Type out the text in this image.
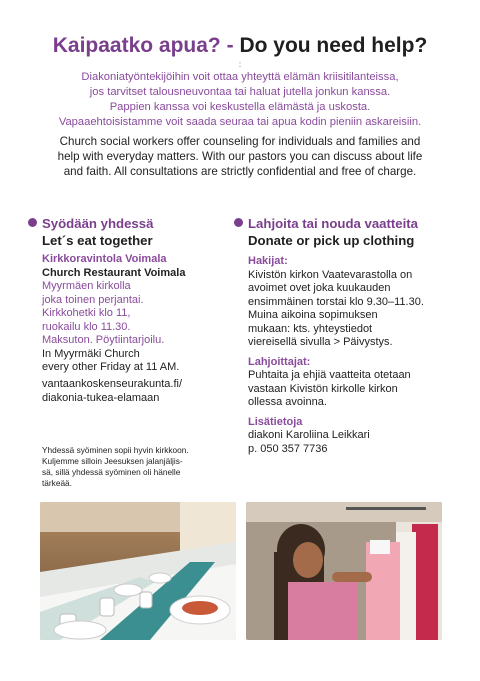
Kaipaatko apua? - Do you need help?
:
Diakoniatyöntekijöihin voit ottaa yhteyttä elämän kriisitilanteissa,
jos tarvitset talousneuvontaa tai haluat jutella jonkun kanssa.
Pappien kanssa voi keskustella elämästä ja uskosta.
Vapaaehtoisistamme voit saada seuraa tai apua kodin pieniin askareisiin.
Church social workers offer counseling for individuals and families and
help with everyday matters. With our pastors you can discuss about life
and faith. All consultations are strictly confidential and free of charge.
Syödään yhdessä
Let´s eat together
Kirkkoravintola Voimala
Church Restaurant Voimala
Myyrmäen kirkolla
joka toinen perjantai.
Kirkkohetki klo 11,
ruokailu klo 11.30.
Maksuton. Pöytiintarjoilu.
In Myyrmäki Church
every other Friday at 11 AM.
vantaankoskenseurakunta.fi/
diakonia-tukea-elamaan
Yhdessä syöminen sopii hyvin kirkkoon.
Kuljemme silloin Jeesuksen jalanjäljis-
sä, sillä yhdessä syöminen oli hänelle
tärkeää.
Lahjoita tai nouda vaatteita
Donate or pick up clothing
Hakijat:
Kivistön kirkon Vaatevarastolla on
avoimet ovet joka kuukauden
ensimmäinen torstai klo 9.30–11.30.
Muina aikoina sopimuksen
mukaan: kts. yhteystiedot
viereisellä sivulla > Päivystys.
Lahjoittajat:
Puhtaita ja ehjiä vaatteita otetaan
vastaan Kivistön kirkolle kirkon
ollessa avoinna.
Lisätietoja
diakoni Karoliina Leikkari
p. 050 357 7736
